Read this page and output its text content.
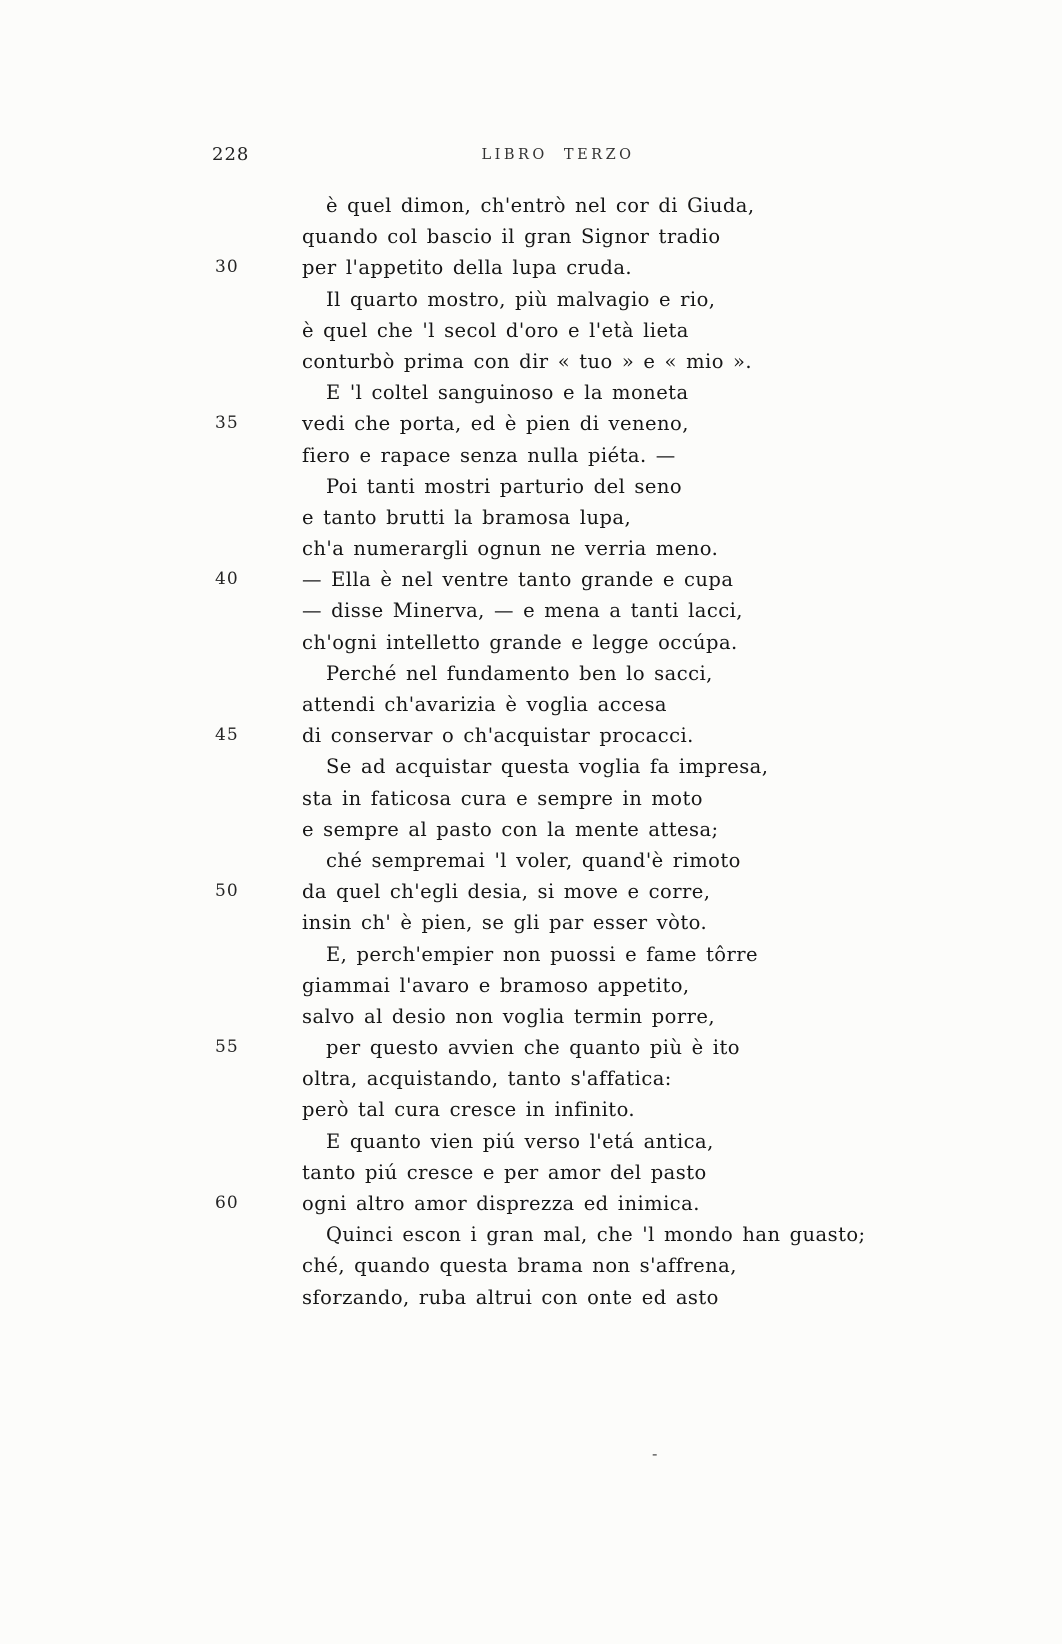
228	LIBRO TERZO
è quel dimon, ch'entrò nel cor di Giuda,
quando col bascio il gran Signor tradio
30	per l'appetito della lupa cruda.
Il quarto mostro, più malvagio e rio,
è quel che 'l secol d'oro e l'età lieta
conturbò prima con dir « tuo » e « mio ».
E 'l coltel sanguinoso e la moneta
35	vedi che porta, ed è pien di veneno,
fiero e rapace senza nulla piéta. —
Poi tanti mostri parturio del seno
e tanto brutti la bramosa lupa,
ch'a numerargli ognun ne verria meno.
40	— Ella è nel ventre tanto grande e cupa
— disse Minerva, — e mena a tanti lacci,
ch'ogni intelletto grande e legge occúpa.
Perché nel fundamento ben lo sacci,
attendi ch'avarizia è voglia accesa
45	di conservar o ch'acquistar procacci.
Se ad acquistar questa voglia fa impresa,
sta in faticosa cura e sempre in moto
e sempre al pasto con la mente attesa;
ché sempremai 'l voler, quand'è rimoto
50	da quel ch'egli desia, si move e corre,
insin ch' è pien, se gli par esser vòto.
E, perch'empier non puossi e fame tôrre
giammai l'avaro e bramoso appetito,
salvo al desio non voglia termin porre,
55	per questo avvien che quanto più è ito
oltra, acquistando, tanto s'affatica:
però tal cura cresce in infinito.
E quanto vien piú verso l'etá antica,
tanto piú cresce e per amor del pasto
60	ogni altro amor disprezza ed inimica.
Quinci escon i gran mal, che 'l mondo han guasto;
ché, quando questa brama non s'affrena,
sforzando, ruba altrui con onte ed asto
-
